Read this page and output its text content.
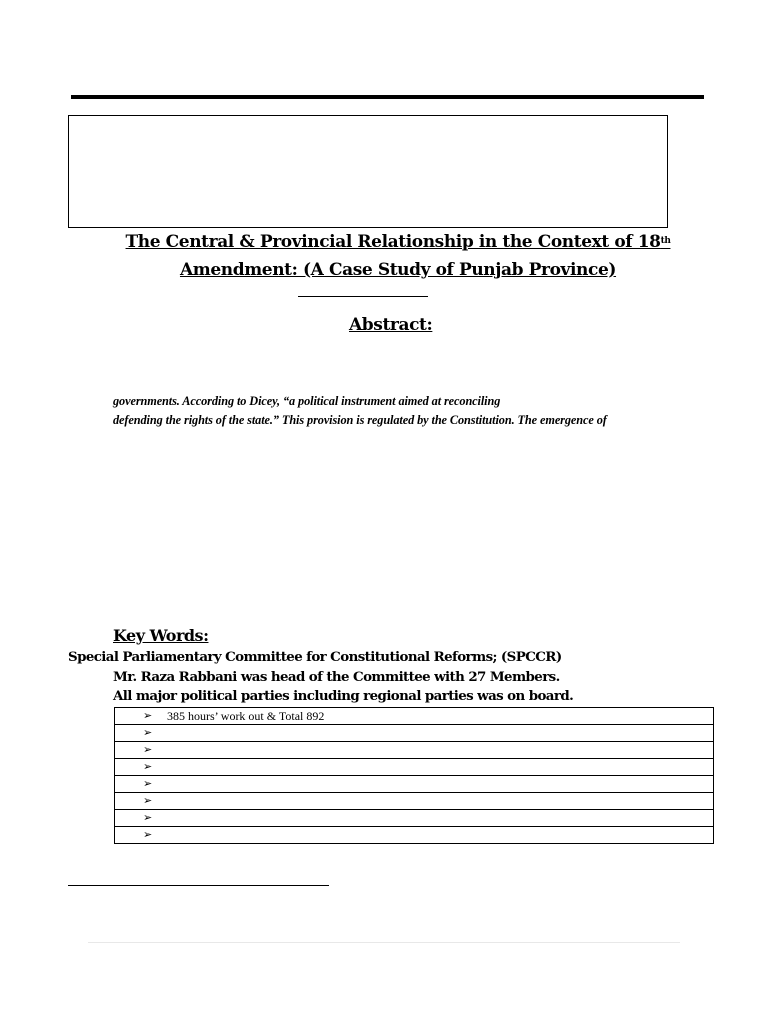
The Central & Provincial Relationship in the Context of 18th
Amendment: (A Case Study of Punjab Province)
Abstract:
governments. According to Dicey, “a political instrument aimed at reconciling
defending the rights of the state.” This provision is regulated by the Constitution. The emergence of
Key Words:
Special Parliamentary Committee for Constitutional Reforms; (SPCCR)
Mr. Raza Rabbani was head of the Committee with 27 Members.
All major political parties including regional parties was on board.
➢ 385 hours’ work out & Total 892

➢

➢

➢

➢

➢

➢

➢
